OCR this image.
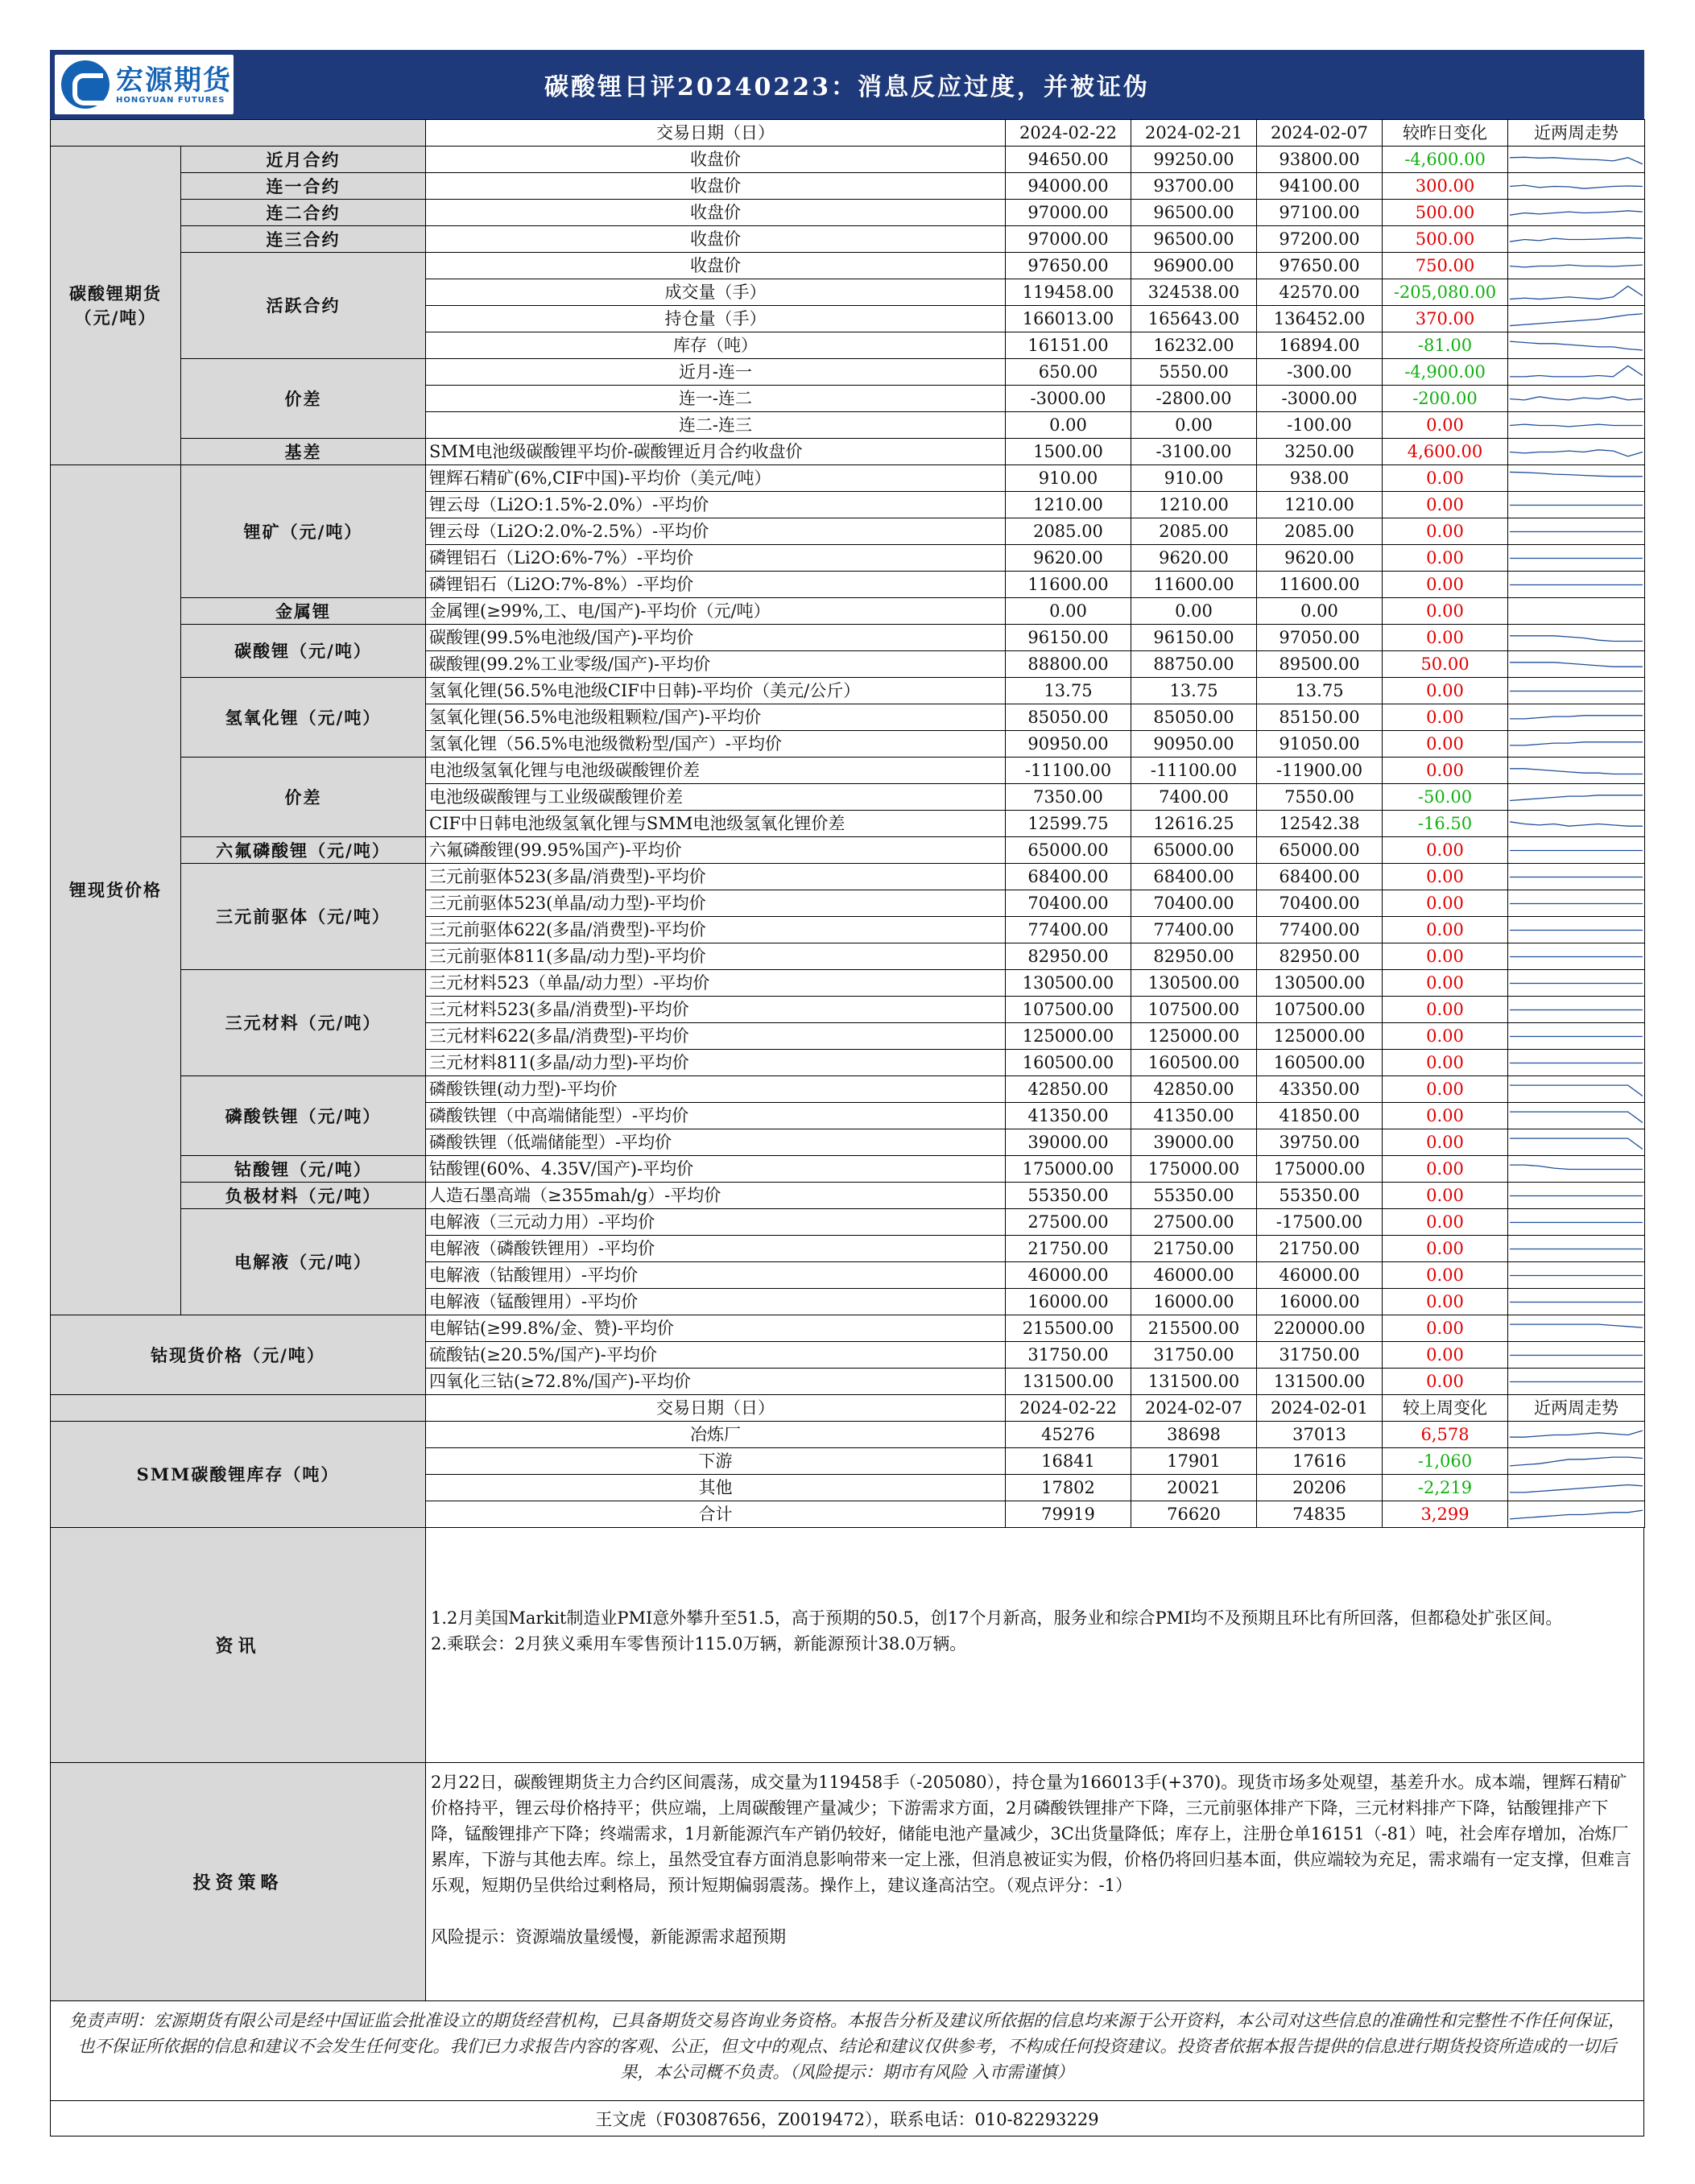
宏源期货
HONGYUAN FUTURES	碳酸锂日评20240223：消息反应过度，并被证伪
		交易日期（日）	2024-02-22	2024-02-21	2024-02-07	较昨日变化	近两周走势
碳酸锂期货
（元/吨）	近月合约	收盘价	94650.00	99250.00	93800.00	-4,600.00	

	连一合约	收盘价	94000.00	93700.00	94100.00	300.00	

	连二合约	收盘价	97000.00	96500.00	97100.00	500.00	

	连三合约	收盘价	97000.00	96500.00	97200.00	500.00	

	活跃合约	收盘价	97650.00	96900.00	97650.00	750.00	

		成交量（手）	119458.00	324538.00	42570.00	-205,080.00	

		持仓量（手）	166013.00	165643.00	136452.00	370.00	

		库存（吨）	16151.00	16232.00	16894.00	-81.00	

	价差	近月-连一	650.00	5550.00	-300.00	-4,900.00	

		连一-连二	-3000.00	-2800.00	-3000.00	-200.00	

		连二-连三	0.00	0.00	-100.00	0.00	

	基差	SMM电池级碳酸锂平均价-碳酸锂近月合约收盘价	1500.00	-3100.00	3250.00	4,600.00	

锂现货价格	锂矿（元/吨）	锂辉石精矿(6%,CIF中国)-平均价（美元/吨）	910.00	910.00	938.00	0.00	

		锂云母（Li2O:1.5%-2.0%）-平均价	1210.00	1210.00	1210.00	0.00	

		锂云母（Li2O:2.0%-2.5%）-平均价	2085.00	2085.00	2085.00	0.00	

		磷锂铝石（Li2O:6%-7%）-平均价	9620.00	9620.00	9620.00	0.00	

		磷锂铝石（Li2O:7%-8%）-平均价	11600.00	11600.00	11600.00	0.00	

	金属锂	金属锂(≥99%,工、电/国产)-平均价（元/吨）	0.00	0.00	0.00	0.00	

	碳酸锂（元/吨）	碳酸锂(99.5%电池级/国产)-平均价	96150.00	96150.00	97050.00	0.00	

		碳酸锂(99.2%工业零级/国产)-平均价	88800.00	88750.00	89500.00	50.00	

	氢氧化锂（元/吨）	氢氧化锂(56.5%电池级CIF中日韩)-平均价（美元/公斤）	13.75	13.75	13.75	0.00	

		氢氧化锂(56.5%电池级粗颗粒/国产)-平均价	85050.00	85050.00	85150.00	0.00	

		氢氧化锂（56.5%电池级微粉型/国产）-平均价	90950.00	90950.00	91050.00	0.00	

	价差	电池级氢氧化锂与电池级碳酸锂价差	-11100.00	-11100.00	-11900.00	0.00	

		电池级碳酸锂与工业级碳酸锂价差	7350.00	7400.00	7550.00	-50.00	

		CIF中日韩电池级氢氧化锂与SMM电池级氢氧化锂价差	12599.75	12616.25	12542.38	-16.50	

	六氟磷酸锂（元/吨）	六氟磷酸锂(99.95%国产)-平均价	65000.00	65000.00	65000.00	0.00	

	三元前驱体（元/吨）	三元前驱体523(多晶/消费型)-平均价	68400.00	68400.00	68400.00	0.00	

		三元前驱体523(单晶/动力型)-平均价	70400.00	70400.00	70400.00	0.00	

		三元前驱体622(多晶/消费型)-平均价	77400.00	77400.00	77400.00	0.00	

		三元前驱体811(多晶/动力型)-平均价	82950.00	82950.00	82950.00	0.00	

	三元材料（元/吨）	三元材料523（单晶/动力型）-平均价	130500.00	130500.00	130500.00	0.00	

		三元材料523(多晶/消费型)-平均价	107500.00	107500.00	107500.00	0.00	

		三元材料622(多晶/消费型)-平均价	125000.00	125000.00	125000.00	0.00	

		三元材料811(多晶/动力型)-平均价	160500.00	160500.00	160500.00	0.00	

	磷酸铁锂（元/吨）	磷酸铁锂(动力型)-平均价	42850.00	42850.00	43350.00	0.00	

		磷酸铁锂（中高端储能型）-平均价	41350.00	41350.00	41850.00	0.00	

		磷酸铁锂（低端储能型）-平均价	39000.00	39000.00	39750.00	0.00	

	钴酸锂（元/吨）	钴酸锂(60%、4.35V/国产)-平均价	175000.00	175000.00	175000.00	0.00	

	负极材料（元/吨）	人造石墨高端（≥355mah/g）-平均价	55350.00	55350.00	55350.00	0.00	

	电解液（元/吨）	电解液（三元动力用）-平均价	27500.00	27500.00	-17500.00	0.00	

		电解液（磷酸铁锂用）-平均价	21750.00	21750.00	21750.00	0.00	

		电解液（钴酸锂用）-平均价	46000.00	46000.00	46000.00	0.00	

		电解液（锰酸锂用）-平均价	16000.00	16000.00	16000.00	0.00	

钴现货价格（元/吨）		电解钴(≥99.8%/金、赞)-平均价	215500.00	215500.00	220000.00	0.00	

		硫酸钴(≥20.5%/国产)-平均价	31750.00	31750.00	31750.00	0.00	

		四氧化三钴(≥72.8%/国产)-平均价	131500.00	131500.00	131500.00	0.00	

		交易日期（日）	2024-02-22	2024-02-07	2024-02-01	较上周变化	近两周走势
SMM碳酸锂库存（吨）		冶炼厂	45276	38698	37013	6,578	

		下游	16841	17901	17616	-1,060	

		其他	17802	20021	20206	-2,219	

		合计	79919	76620	74835	3,299	
资讯
1.2月美国Markit制造业PMI意外攀升至51.5，高于预期的50.5，创17个月新高，服务业和综合PMI均不及预期且环比有所回落，但都稳处扩张区间。
2.乘联会：2月狭义乘用车零售预计115.0万辆，新能源预计38.0万辆。
投资策略
2月22日，碳酸锂期货主力合约区间震荡，成交量为119458手（-205080），持仓量为166013手(+370)。现货市场多处观望，基差升水。成本端，锂辉石精矿价格持平，锂云母价格持平；供应端，上周碳酸锂产量减少；下游需求方面，2月磷酸铁锂排产下降，三元前驱体排产下降，三元材料排产下降，钴酸锂排产下降，锰酸锂排产下降；终端需求，1月新能源汽车产销仍较好，储能电池产量减少，3C出货量降低；库存上，注册仓单16151（-81）吨，社会库存增加，冶炼厂累库，下游与其他去库。综上，虽然受宜春方面消息影响带来一定上涨，但消息被证实为假，价格仍将回归基本面，供应端较为充足，需求端有一定支撑，但难言乐观，短期仍呈供给过剩格局，预计短期偏弱震荡。操作上，建议逢高沽空。（观点评分：-1）
风险提示：资源端放量缓慢，新能源需求超预期
免责声明：宏源期货有限公司是经中国证监会批准设立的期货经营机构，已具备期货交易咨询业务资格。本报告分析及建议所依据的信息均来源于公开资料，本公司对这些信息的准确性和完整性不作任何保证，也不保证所依据的信息和建议不会发生任何变化。我们已力求报告内容的客观、公正，但文中的观点、结论和建议仅供参考，不构成任何投资建议。投资者依据本报告提供的信息进行期货投资所造成的一切后果，本公司概不负责。（风险提示：期市有风险 入市需谨慎）
王文虎（F03087656，Z0019472），联系电话：010-82293229
